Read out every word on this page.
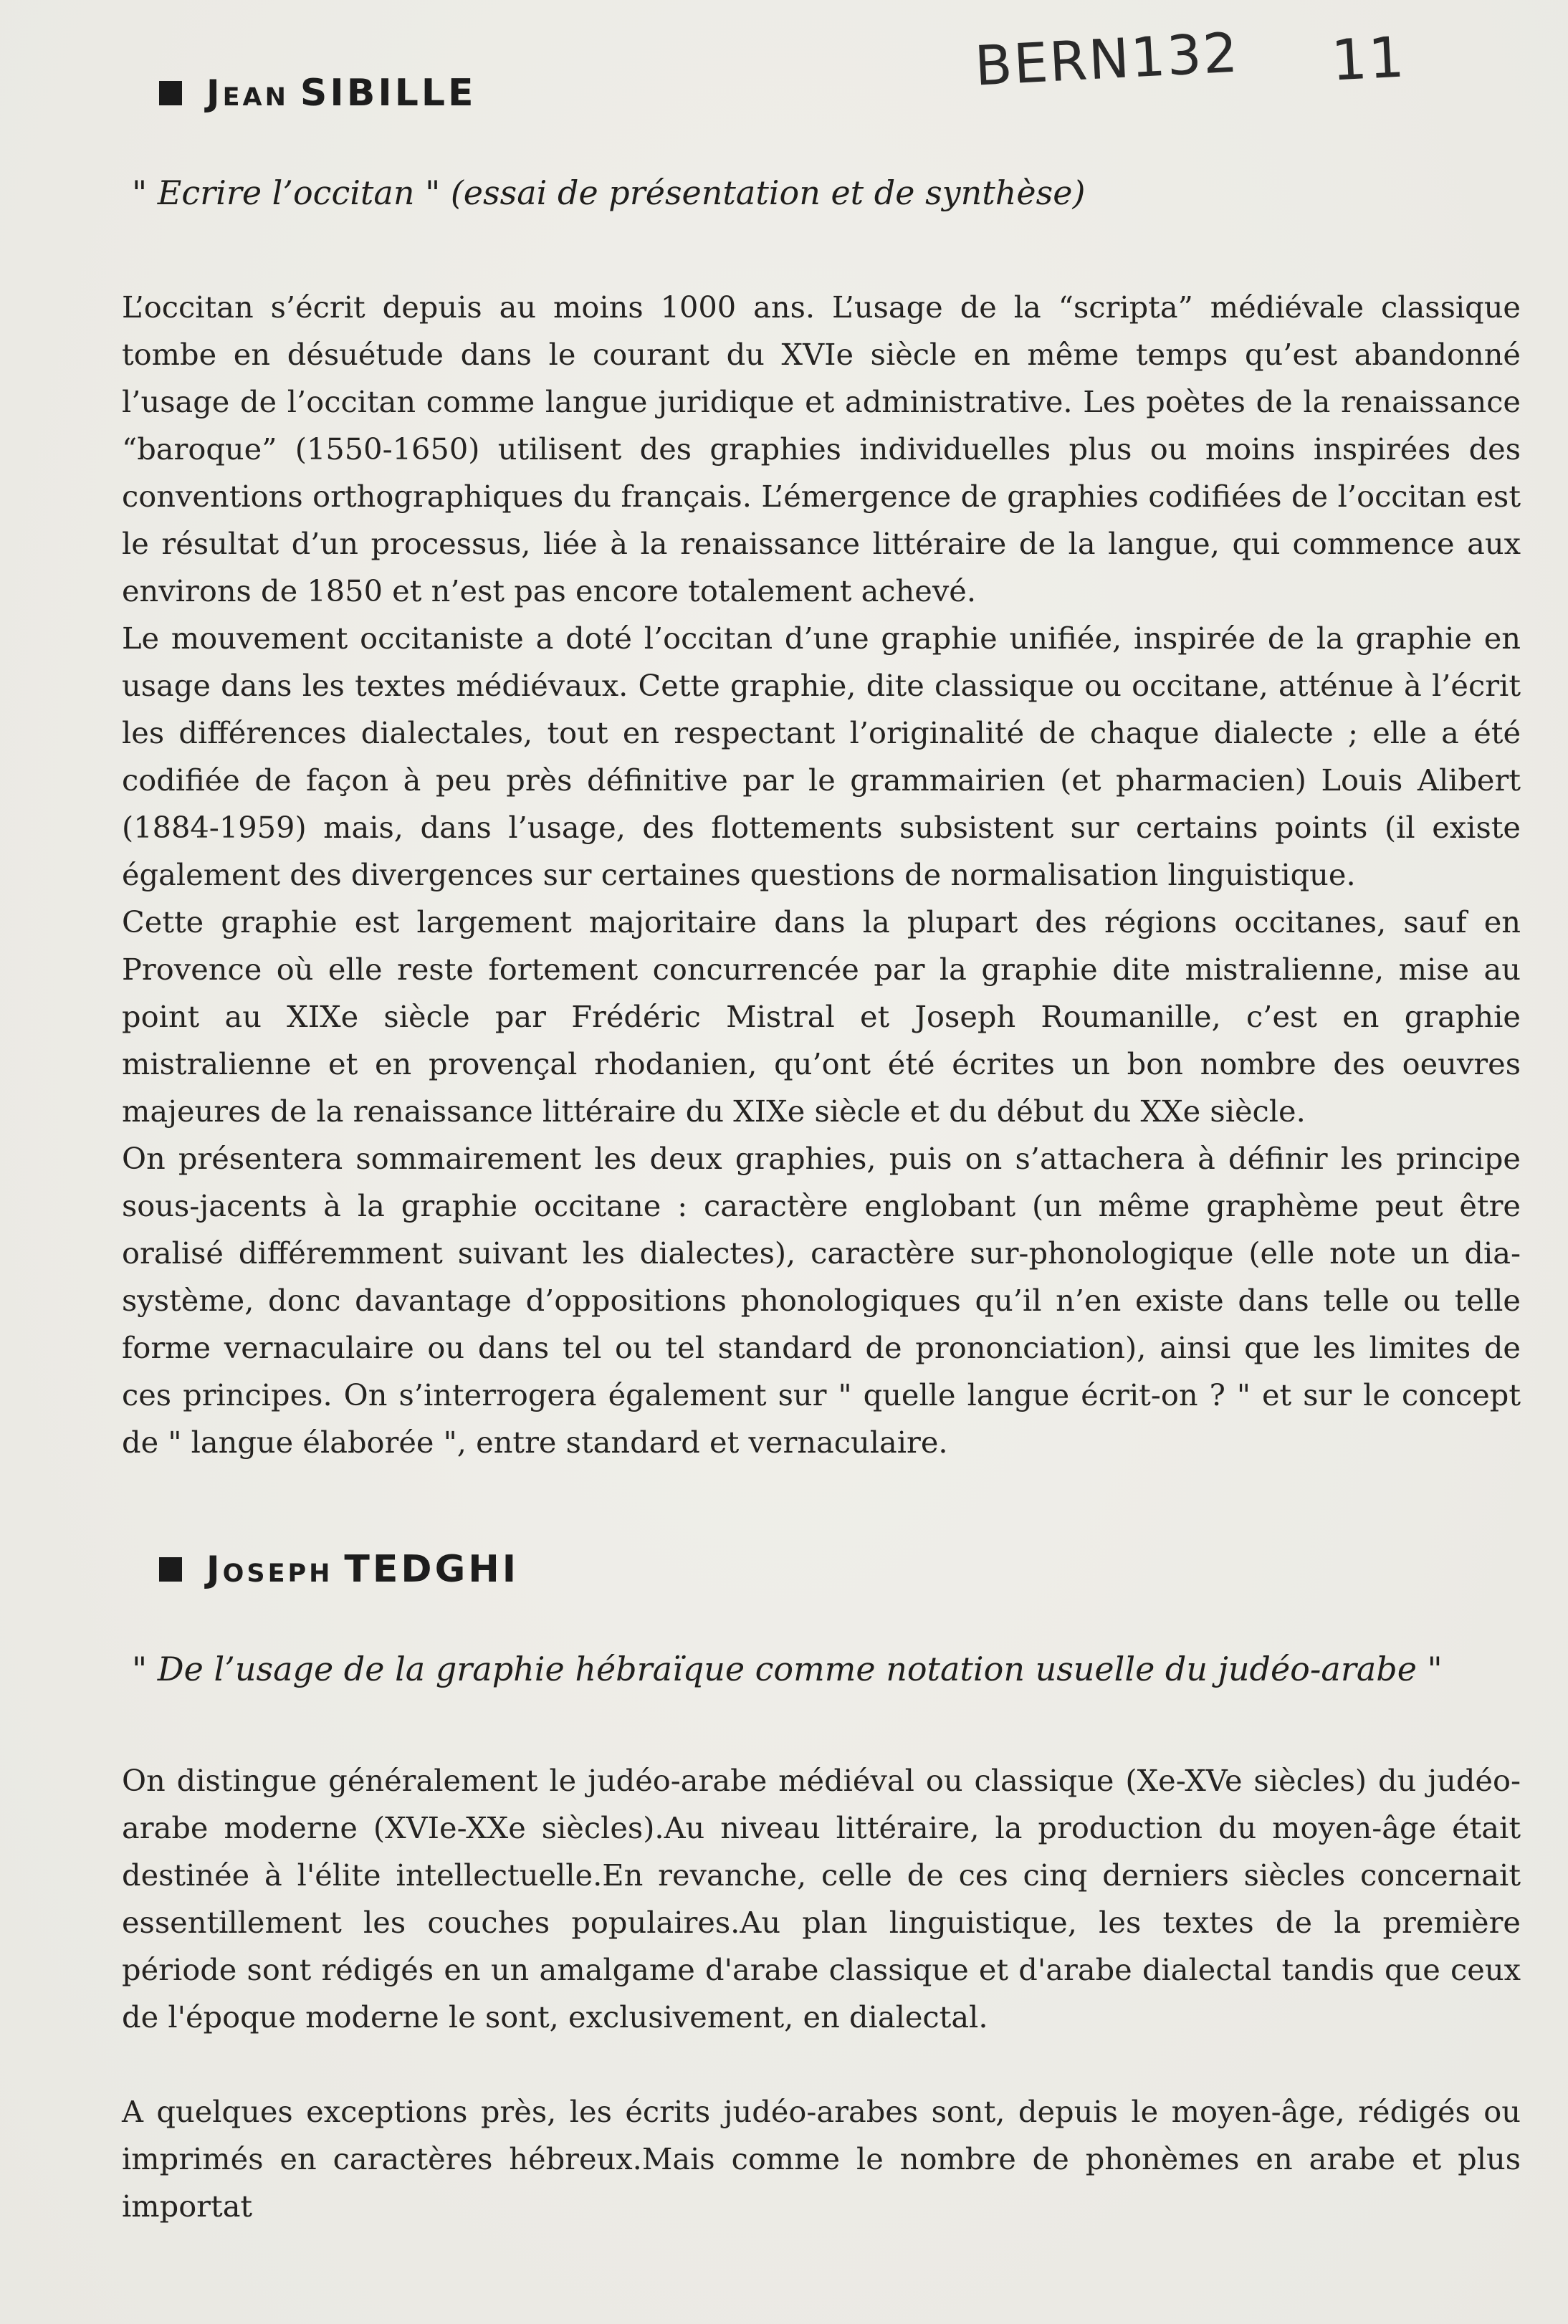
BERN132 11
Jean SIBILLE
" Ecrire l’occitan " (essai de présentation et de synthèse)

L’occitan s’écrit depuis au moins 1000 ans. L’usage de la “scripta” médiévale classique tombe en désuétude dans le courant du XVIe siècle en même temps qu’est abandonné l’usage de l’occitan comme langue juridique et administrative. Les poètes de la renaissance “baroque” (1550-1650) utilisent des graphies individuelles plus ou moins inspirées des conventions orthographiques du français. L’émergence de graphies codifiées de l’occitan est le résultat d’un processus, liée à la renaissance littéraire de la langue, qui commence aux environs de 1850 et n’est pas encore totalement achevé.

Le mouvement occitaniste a doté l’occitan d’une graphie unifiée, inspirée de la graphie en usage dans les textes médiévaux. Cette graphie, dite classique ou occitane, atténue à l’écrit les différences dialectales, tout en respectant l’originalité de chaque dialecte ; elle a été codifiée de façon à peu près définitive par le grammairien (et pharmacien) Louis Alibert (1884-1959) mais, dans l’usage, des flottements subsistent sur certains points (il existe également des divergences sur certaines questions de normalisation linguistique.

Cette graphie est largement majoritaire dans la plupart des régions occitanes, sauf en Provence où elle reste fortement concurrencée par la graphie dite mistralienne, mise au point au XIXe siècle par Frédéric Mistral et Joseph Roumanille, c’est en graphie mistralienne et en provençal rhodanien, qu’ont été écrites un bon nombre des oeuvres majeures de la renaissance littéraire du XIXe siècle et du début du XXe siècle.

On présentera sommairement les deux graphies, puis on s’attachera à définir les principe sous-jacents à la graphie occitane : caractère englobant (un même graphème peut être oralisé différemment suivant les dialectes), caractère sur-phonologique (elle note un dia-système, donc davantage d’oppositions phonologiques qu’il n’en existe dans telle ou telle forme vernaculaire ou dans tel ou tel standard de prononciation), ainsi que les limites de ces principes. On s’interrogera également sur " quelle langue écrit-on ? " et sur le concept de " langue élaborée ", entre standard et vernaculaire.

Joseph TEDGHI
" De l’usage de la graphie hébraïque comme notation usuelle du judéo-arabe "

On distingue généralement le judéo-arabe médiéval ou classique (Xe-XVe siècles) du judéo-arabe moderne (XVIe-XXe siècles).Au niveau littéraire, la production du moyen-âge était destinée à l'élite intellectuelle.En revanche, celle de ces cinq derniers siècles concernait essentillement les couches populaires.Au plan linguistique, les textes de la première période sont rédigés en un amalgame d'arabe classique et d'arabe dialectal tandis que ceux de l'époque moderne le sont, exclusivement, en dialectal.

A quelques exceptions près, les écrits judéo-arabes sont, depuis le moyen-âge, rédigés ou imprimés en caractères hébreux.Mais comme le nombre de phonèmes en arabe et plus importat
